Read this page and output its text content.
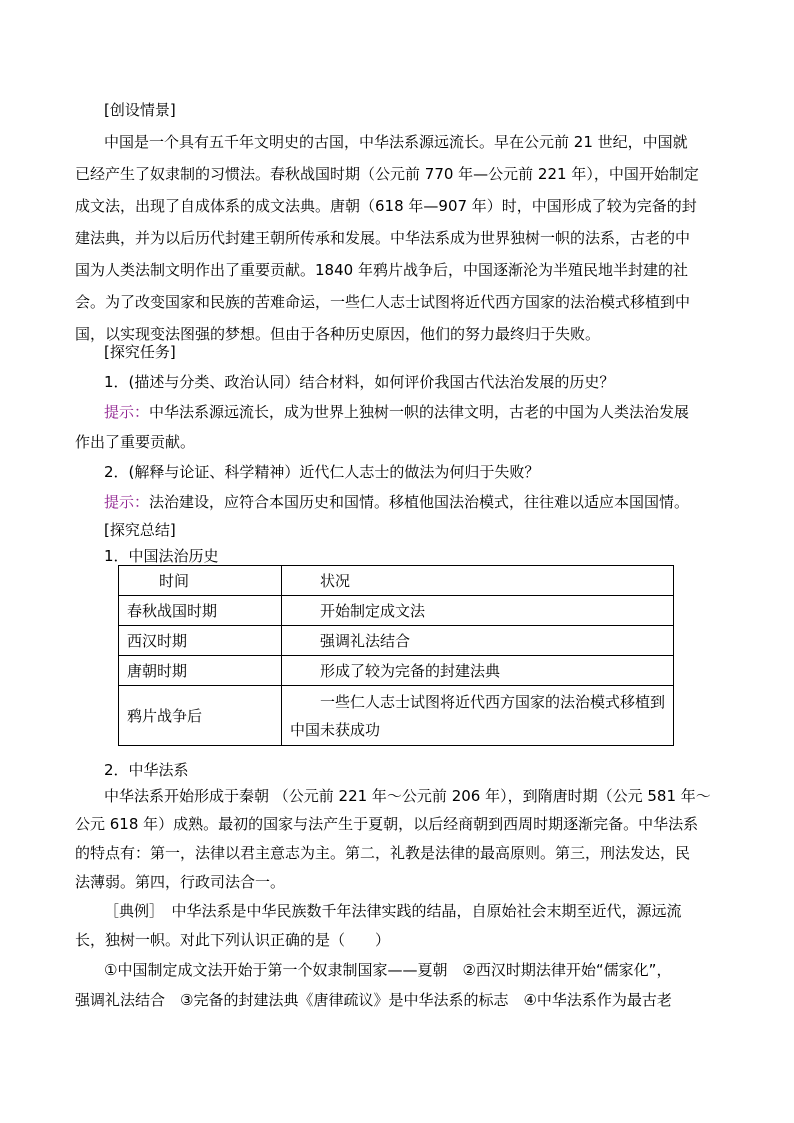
[创设情景]
中国是一个具有五千年文明史的古国，中华法系源远流长。早在公元前 21 世纪，中国就
已经产生了奴隶制的习惯法。春秋战国时期（公元前 770 年—公元前 221 年），中国开始制定
成文法，出现了自成体系的成文法典。唐朝（618 年—907 年）时，中国形成了较为完备的封
建法典，并为以后历代封建王朝所传承和发展。中华法系成为世界独树一帜的法系，古老的中
国为人类法制文明作出了重要贡献。1840 年鸦片战争后，中国逐渐沦为半殖民地半封建的社
会。为了改变国家和民族的苦难命运，一些仁人志士试图将近代西方国家的法治模式移植到中
国，以实现变法图强的梦想。但由于各种历史原因，他们的努力最终归于失败。
[探究任务]
1．(描述与分类、政治认同）结合材料，如何评价我国古代法治发展的历史？
提示：中华法系源远流长，成为世界上独树一帜的法律文明，古老的中国为人类法治发展
作出了重要贡献。
2．(解释与论证、科学精神）近代仁人志士的做法为何归于失败？
提示：法治建设，应符合本国历史和国情。移植他国法治模式，往往难以适应本国国情。
[探究总结]
1．中国法治历史
时间	状况
春秋战国时期	开始制定成文法
西汉时期	强调礼法结合
唐朝时期	形成了较为完备的封建法典
鸦片战争后	一些仁人志士试图将近代西方国家的法治模式移植到
中国未获成功
2．中华法系
中华法系开始形成于秦朝 （公元前 221 年～公元前 206 年），到隋唐时期（公元 581 年～
公元 618 年）成熟。最初的国家与法产生于夏朝，以后经商朝到西周时期逐渐完备。中华法系
的特点有：第一，法律以君主意志为主。第二，礼教是法律的最高原则。第三，刑法发达，民
法薄弱。第四，行政司法合一。
［典例］　中华法系是中华民族数千年法律实践的结晶，自原始社会末期至近代，源远流
长，独树一帜。对此下列认识正确的是（　　）
①中国制定成文法开始于第一个奴隶制国家——夏朝　②西汉时期法律开始“儒家化”，
强调礼法结合　③完备的封建法典《唐律疏议》是中华法系的标志　④中华法系作为最古老
